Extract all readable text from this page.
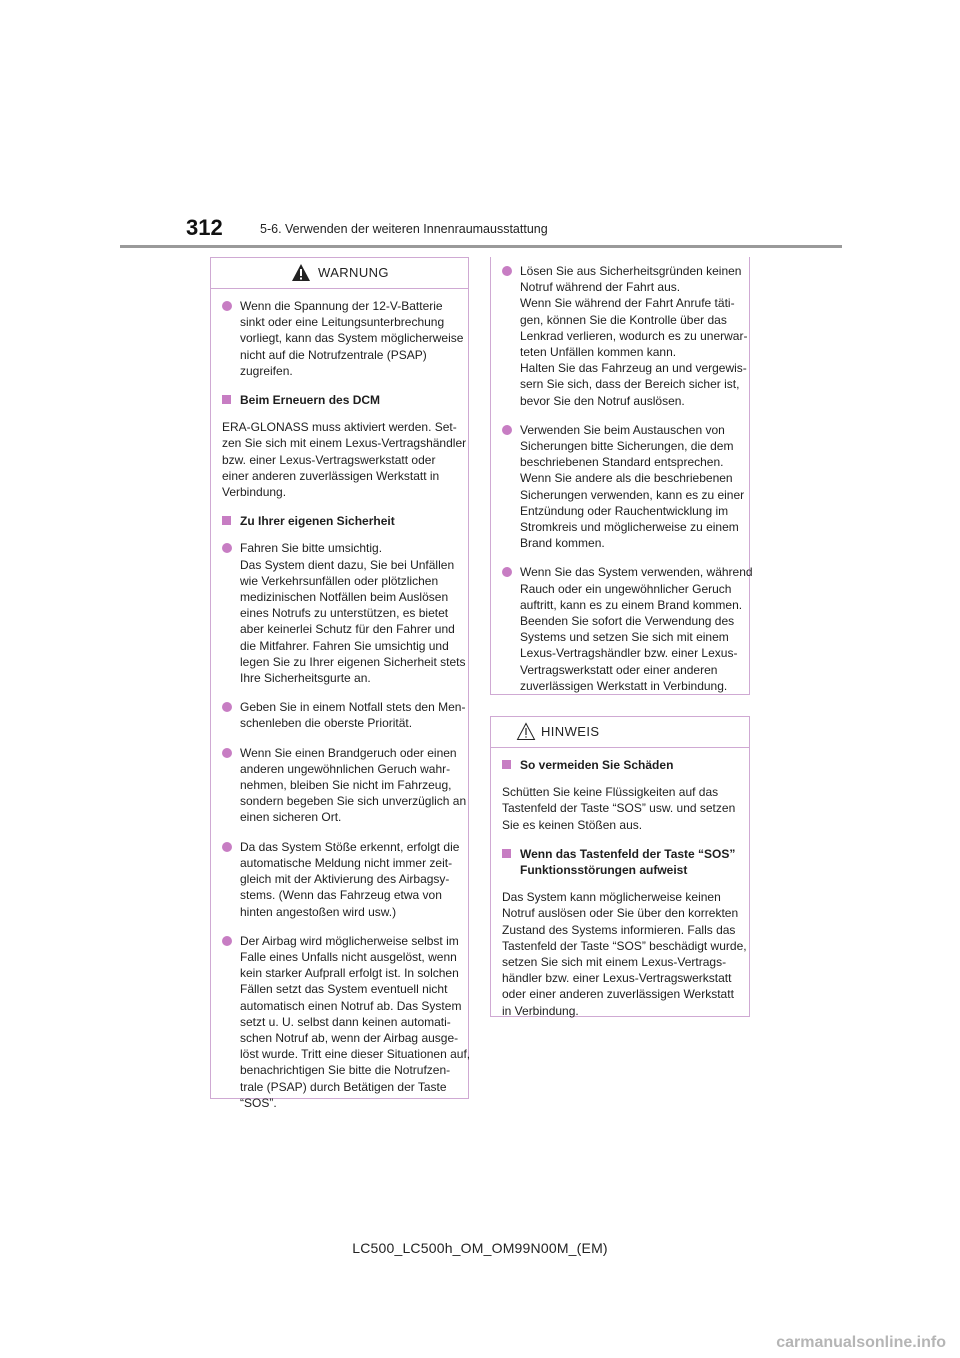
312	5-6. Verwenden der weiteren Innenraumausstattung
WARNUNG
Wenn die Spannung der 12-V-Batterie
sinkt oder eine Leitungsunterbrechung
vorliegt, kann das System möglicherweise
nicht auf die Notrufzentrale (PSAP)
zugreifen.
Beim Erneuern des DCM
ERA-GLONASS muss aktiviert werden. Set-
zen Sie sich mit einem Lexus-Vertragshändler
bzw. einer Lexus-Vertragswerkstatt oder
einer anderen zuverlässigen Werkstatt in
Verbindung.
Zu Ihrer eigenen Sicherheit
Fahren Sie bitte umsichtig.
Das System dient dazu, Sie bei Unfällen
wie Verkehrsunfällen oder plötzlichen
medizinischen Notfällen beim Auslösen
eines Notrufs zu unterstützen, es bietet
aber keinerlei Schutz für den Fahrer und
die Mitfahrer. Fahren Sie umsichtig und
legen Sie zu Ihrer eigenen Sicherheit stets
Ihre Sicherheitsgurte an.
Geben Sie in einem Notfall stets den Men-
schenleben die oberste Priorität.
Wenn Sie einen Brandgeruch oder einen
anderen ungewöhnlichen Geruch wahr-
nehmen, bleiben Sie nicht im Fahrzeug,
sondern begeben Sie sich unverzüglich an
einen sicheren Ort.
Da das System Stöße erkennt, erfolgt die
automatische Meldung nicht immer zeit-
gleich mit der Aktivierung des Airbagsy-
stems. (Wenn das Fahrzeug etwa von
hinten angestoßen wird usw.)
Der Airbag wird möglicherweise selbst im
Falle eines Unfalls nicht ausgelöst, wenn
kein starker Aufprall erfolgt ist. In solchen
Fällen setzt das System eventuell nicht
automatisch einen Notruf ab. Das System
setzt u. U. selbst dann keinen automati-
schen Notruf ab, wenn der Airbag ausge-
löst wurde. Tritt eine dieser Situationen auf,
benachrichtigen Sie bitte die Notrufzen-
trale (PSAP) durch Betätigen der Taste
“SOS”.
Lösen Sie aus Sicherheitsgründen keinen
Notruf während der Fahrt aus.
Wenn Sie während der Fahrt Anrufe täti-
gen, können Sie die Kontrolle über das
Lenkrad verlieren, wodurch es zu unerwar-
teten Unfällen kommen kann.
Halten Sie das Fahrzeug an und vergewis-
sern Sie sich, dass der Bereich sicher ist,
bevor Sie den Notruf auslösen.
Verwenden Sie beim Austauschen von
Sicherungen bitte Sicherungen, die dem
beschriebenen Standard entsprechen.
Wenn Sie andere als die beschriebenen
Sicherungen verwenden, kann es zu einer
Entzündung oder Rauchentwicklung im
Stromkreis und möglicherweise zu einem
Brand kommen.
Wenn Sie das System verwenden, während
Rauch oder ein ungewöhnlicher Geruch
auftritt, kann es zu einem Brand kommen.
Beenden Sie sofort die Verwendung des
Systems und setzen Sie sich mit einem
Lexus-Vertragshändler bzw. einer Lexus-
Vertragswerkstatt oder einer anderen
zuverlässigen Werkstatt in Verbindung.
HINWEIS
So vermeiden Sie Schäden
Schütten Sie keine Flüssigkeiten auf das
Tastenfeld der Taste “SOS” usw. und setzen
Sie es keinen Stößen aus.
Wenn das Tastenfeld der Taste “SOS”
Funktionsstörungen aufweist
Das System kann möglicherweise keinen
Notruf auslösen oder Sie über den korrekten
Zustand des Systems informieren. Falls das
Tastenfeld der Taste “SOS” beschädigt wurde,
setzen Sie sich mit einem Lexus-Vertrags-
händler bzw. einer Lexus-Vertragswerkstatt
oder einer anderen zuverlässigen Werkstatt
in Verbindung.
LC500_LC500h_OM_OM99N00M_(EM)
carmanualsonline.info
